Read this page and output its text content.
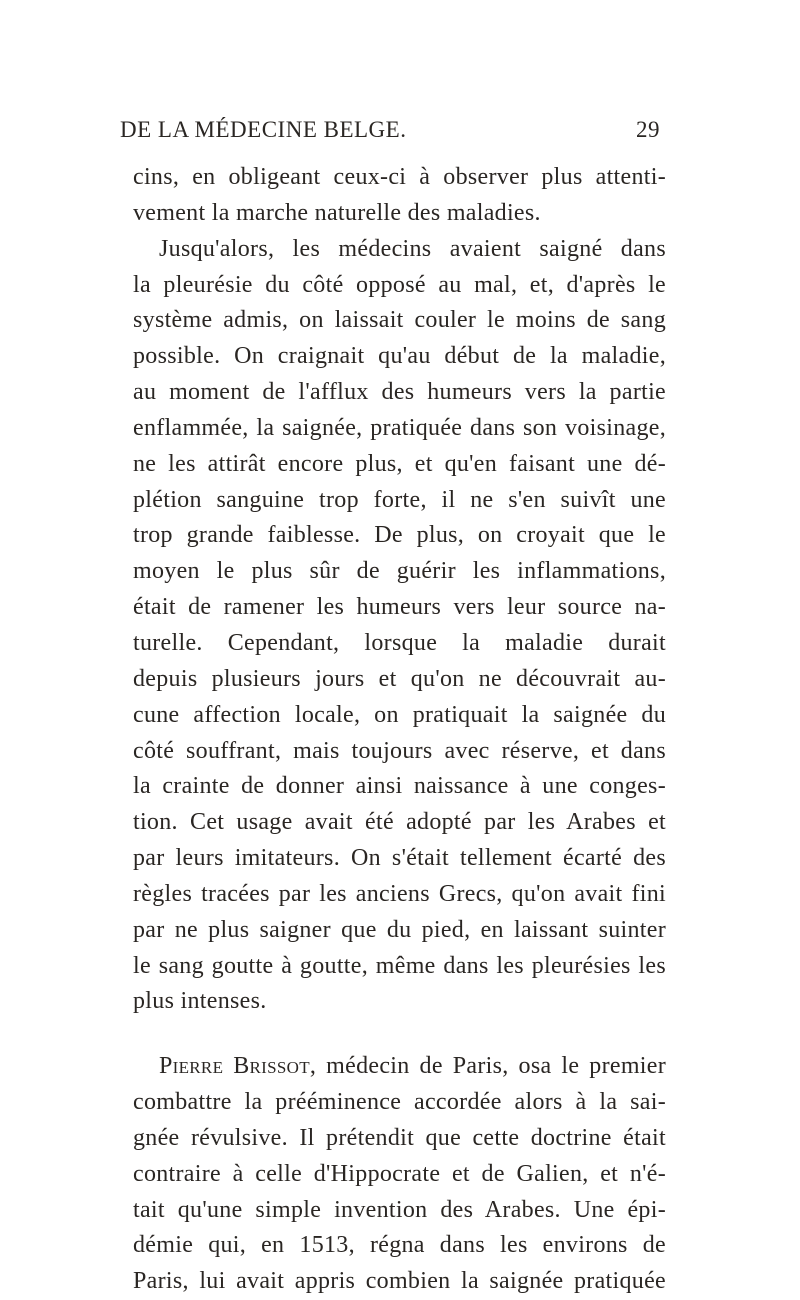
DE LA MÉDECINE BELGE.	29
cins, en obligeant ceux-ci à observer plus attenti-
vement la marche naturelle des maladies.
Jusqu'alors, les médecins avaient saigné dans
la pleurésie du côté opposé au mal, et, d'après le
système admis, on laissait couler le moins de sang
possible. On craignait qu'au début de la maladie,
au moment de l'afflux des humeurs vers la partie
enflammée, la saignée, pratiquée dans son voisinage,
ne les attirât encore plus, et qu'en faisant une dé-
plétion sanguine trop forte, il ne s'en suivît une
trop grande faiblesse. De plus, on croyait que le
moyen le plus sûr de guérir les inflammations,
était de ramener les humeurs vers leur source na-
turelle. Cependant, lorsque la maladie durait
depuis plusieurs jours et qu'on ne découvrait au-
cune affection locale, on pratiquait la saignée du
côté souffrant, mais toujours avec réserve, et dans
la crainte de donner ainsi naissance à une conges-
tion. Cet usage avait été adopté par les Arabes et
par leurs imitateurs. On s'était tellement écarté des
règles tracées par les anciens Grecs, qu'on avait fini
par ne plus saigner que du pied, en laissant suinter
le sang goutte à goutte, même dans les pleurésies les
plus intenses.
Pierre Brissot, médecin de Paris, osa le premier
combattre la prééminence accordée alors à la sai-
gnée révulsive. Il prétendit que cette doctrine était
contraire à celle d'Hippocrate et de Galien, et n'é-
tait qu'une simple invention des Arabes. Une épi-
démie qui, en 1513, régna dans les environs de
Paris, lui avait appris combien la saignée pratiquée
